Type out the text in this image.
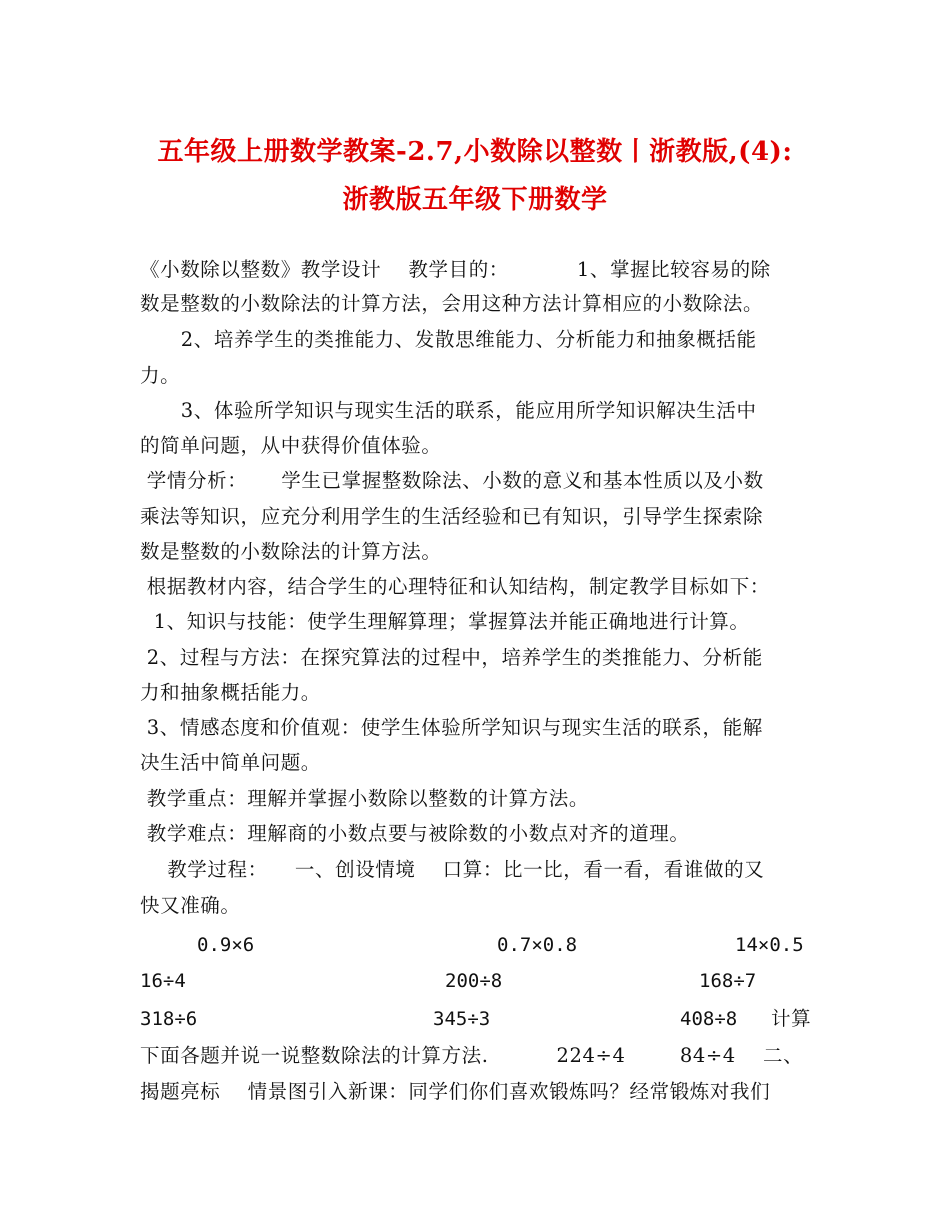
五年级上册数学教案-2.7,小数除以整数丨浙教版,(4):
浙教版五年级下册数学
《小数除以整数》教学设计    教学目的：          1、掌握比较容易的除
数是整数的小数除法的计算方法，会用这种方法计算相应的小数除法。
2、培养学生的类推能力、发散思维能力、分析能力和抽象概括能
力。
3、体验所学知识与现实生活的联系，能应用所学知识解决生活中
的简单问题，从中获得价值体验。
学情分析：     学生已掌握整数除法、小数的意义和基本性质以及小数
乘法等知识，应充分利用学生的生活经验和已有知识，引导学生探索除
数是整数的小数除法的计算方法。
根据教材内容，结合学生的心理特征和认知结构，制定教学目标如下：
1、知识与技能：使学生理解算理；掌握算法并能正确地进行计算。
2、过程与方法：在探究算法的过程中，培养学生的类推能力、分析能
力和抽象概括能力。
3、情感态度和价值观：使学生体验所学知识与现实生活的联系，能解
决生活中简单问题。
教学重点：理解并掌握小数除以整数的计算方法。
教学难点：理解商的小数点要与被除数的小数点对齐的道理。
教学过程：    一、创设情境    口算：比一比，看一看，看谁做的又
快又准确。
0.9×6	0.7×0.8	14×0.5
16÷4	200÷8	168÷7
318÷6	345÷3	408÷8 计算
下面各题并说一说整数除法的计算方法.          224÷4        84÷4    二、
揭题亮标    情景图引入新课：同学们你们喜欢锻炼吗？经常锻炼对我们
